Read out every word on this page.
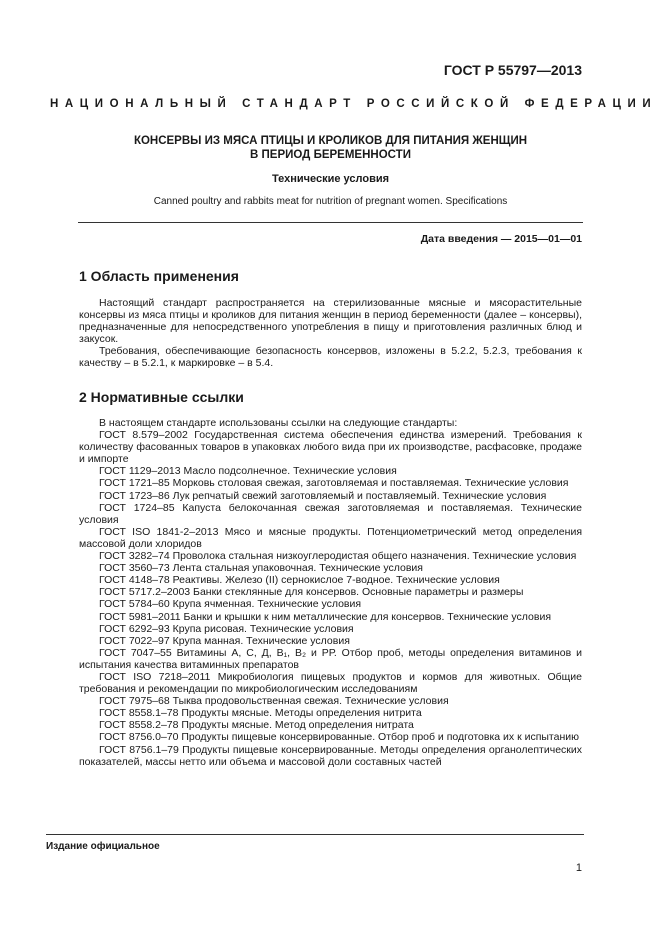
ГОСТ Р 55797—2013
НАЦИОНАЛЬНЫЙ СТАНДАРТ РОССИЙСКОЙ ФЕДЕРАЦИИ
КОНСЕРВЫ ИЗ МЯСА ПТИЦЫ И КРОЛИКОВ ДЛЯ ПИТАНИЯ ЖЕНЩИН
В ПЕРИОД БЕРЕМЕННОСТИ
Технические условия
Canned poultry and rabbits meat for nutrition of pregnant women. Specifications
Дата введения — 2015—01—01
1 Область применения

Настоящий стандарт распространяется на стерилизованные мясные и мясорастительные консервы из мяса птицы и кроликов для питания женщин в период беременности (далее – консервы), предназначенные для непосредственного употребления в пищу и приготовления различных блюд и закусок.

Требования, обеспечивающие безопасность консервов, изложены в 5.2.2, 5.2.3, требования к качеству – в 5.2.1, к маркировке – в 5.4.

2 Нормативные ссылки

В настоящем стандарте использованы ссылки на следующие стандарты:

ГОСТ 8.579–2002 Государственная система обеспечения единства измерений. Требования к количеству фасованных товаров в упаковках любого вида при их производстве, расфасовке, продаже и импорте

ГОСТ 1129–2013 Масло подсолнечное. Технические условия

ГОСТ 1721–85 Морковь столовая свежая, заготовляемая и поставляемая. Технические условия

ГОСТ 1723–86 Лук репчатый свежий заготовляемый и поставляемый. Технические условия

ГОСТ 1724–85 Капуста белокочанная свежая заготовляемая и поставляемая. Технические условия

ГОСТ ISO 1841-2–2013 Мясо и мясные продукты. Потенциометрический метод определения массовой доли хлоридов

ГОСТ 3282–74 Проволока стальная низкоуглеродистая общего назначения. Технические условия

ГОСТ 3560–73 Лента стальная упаковочная. Технические условия

ГОСТ 4148–78 Реактивы. Железо (II) сернокислое 7-водное. Технические условия

ГОСТ 5717.2–2003 Банки стеклянные для консервов. Основные параметры и размеры

ГОСТ 5784–60 Крупа ячменная. Технические условия

ГОСТ 5981–2011 Банки и крышки к ним металлические для консервов. Технические условия

ГОСТ 6292–93 Крупа рисовая. Технические условия

ГОСТ 7022–97 Крупа манная. Технические условия

ГОСТ 7047–55 Витамины А, С, Д, B₁, B₂ и РР. Отбор проб, методы определения витаминов и испытания качества витаминных препаратов

ГОСТ ISO 7218–2011 Микробиология пищевых продуктов и кормов для животных. Общие требования и рекомендации по микробиологическим исследованиям

ГОСТ 7975–68 Тыква продовольственная свежая. Технические условия

ГОСТ 8558.1–78 Продукты мясные. Методы определения нитрита

ГОСТ 8558.2–78 Продукты мясные. Метод определения нитрата

ГОСТ 8756.0–70 Продукты пищевые консервированные. Отбор проб и подготовка их к испытанию

ГОСТ 8756.1–79 Продукты пищевые консервированные. Методы определения органолептических показателей, массы нетто или объема и массовой доли составных частей

Издание официальное
1
